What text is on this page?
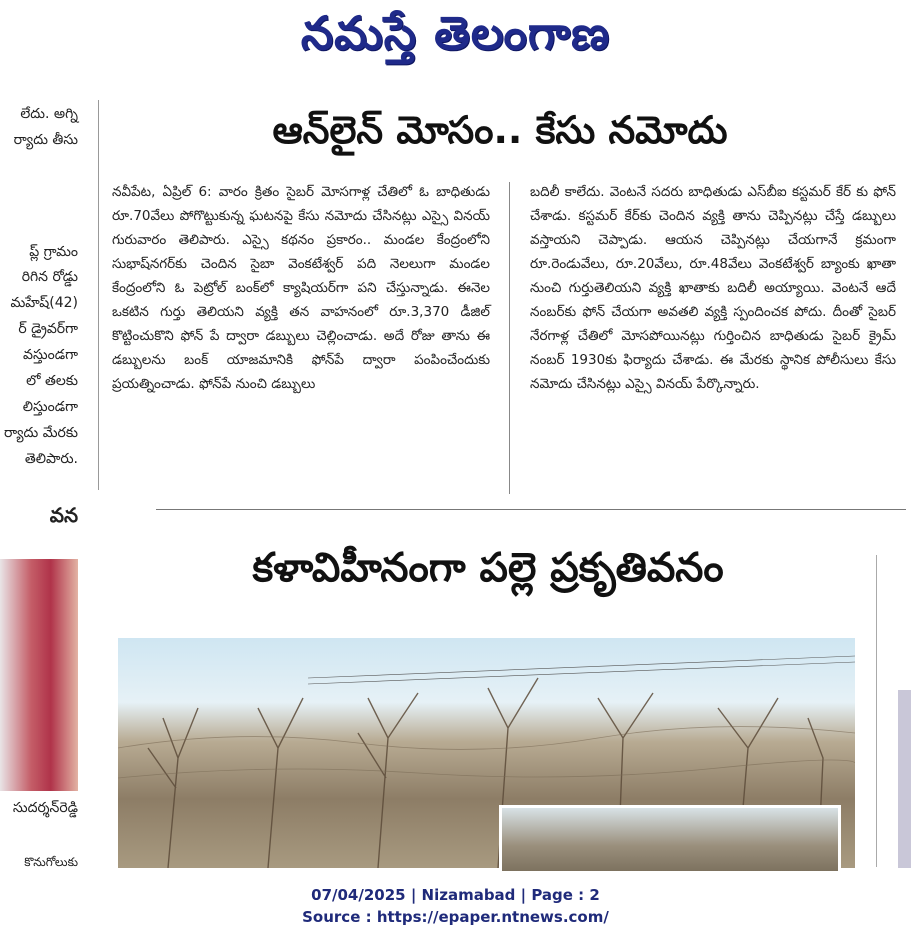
నమస్తే తెలంగాణ
లేదు. అగ్ని
ర్యాదు తీసు
ప్ల్ గ్రామం
రిగిన రోడ్డు
మహేష్(42)
ర్ డ్రైవర్‌గా
వస్తుండగా
లో తలకు
లిస్తుండగా
ర్యాదు మేరకు
తెలిపారు.
వన
సుదర్శన్‌రెడ్డి
కొనుగోలుకు
ఆన్‌లైన్ మోసం.. కేసు నమోదు
నవీపేట, ఏప్రిల్ 6: వారం క్రితం సైబర్ మోసగాళ్ల చేతిలో ఓ బాధితుడు రూ.70వేలు పోగొట్టుకున్న ఘటనపై కేసు నమోదు చేసినట్లు ఎస్సై వినయ్ గురువారం తెలిపారు. ఎస్సై కథనం ప్రకారం.. మండల కేంద్రంలోని సుభాష్‌నగర్‌కు చెందిన సైబా వెంకటేశ్వర్ పది నెలలుగా మండల కేంద్రంలోని ఓ పెట్రోల్ బంక్‌లో క్యాషియర్‌గా పని చేస్తున్నాడు. ఈనెల ఒకటిన గుర్తు తెలియని వ్యక్తి తన వాహనంలో రూ.3,370 డీజిల్ కొట్టించుకొని ఫోన్ పే ద్వారా డబ్బులు చెల్లించాడు. అదే రోజు తాను ఈ డబ్బులను బంక్ యాజమానికి ఫోన్‌పే ద్వారా పంపించేందుకు ప్రయత్నించాడు. ఫోన్‌పే నుంచి డబ్బులు
బదిలీ కాలేదు. వెంటనే సదరు బాధితుడు ఎస్‌బీఐ కస్టమర్ కేర్ కు ఫోన్ చేశాడు. కస్టమర్ కేర్‌కు చెందిన వ్యక్తి తాను చెప్పినట్లు చేస్తే డబ్బులు వస్తాయని చెప్పాడు. ఆయన చెప్పినట్లు చేయగానే క్రమంగా రూ.రెండువేలు, రూ.20వేలు, రూ.48వేలు వెంకటేశ్వర్ బ్యాంకు ఖాతా నుంచి గుర్తుతెలియని వ్యక్తి ఖాతాకు బదిలీ అయ్యాయి. వెంటనే ఆదే నంబర్‌కు ఫోన్ చేయగా అవతలి వ్యక్తి స్పందించక పోదు. దీంతో సైబర్ నేరగాళ్ల చేతిలో మోసపోయినట్లు గుర్తించిన బాధితుడు సైబర్ క్రైమ్ నంబర్ 1930కు ఫిర్యాదు చేశాడు. ఈ మేరకు స్థానిక పోలీసులు కేసు నమోదు చేసినట్లు ఎస్సై వినయ్ పేర్కొన్నారు.
కళావిహీనంగా పల్లె ప్రకృతివనం
07/04/2025 | Nizamabad | Page : 2
Source : https://epaper.ntnews.com/
